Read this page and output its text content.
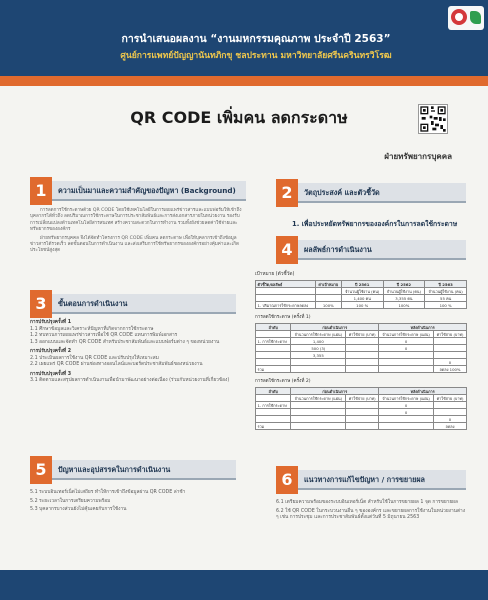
การนำเสนอผลงาน “งานมหกรรมคุณภาพ ประจำปี 2563”
ศูนย์การแพทย์ปัญญานันทภิกขุ ชลประทาน มหาวิทยาลัยศรีนครินทรวิโรฒ
QR CODE เพิ่มคน ลดกระดาษ
ฝ่ายทรัพยากรบุคคล
1	ความเป็นมาและความสำคัญของปัญหา (Background)

การลดการใช้กระดาษด้วย QR CODE โดยใช้เทคโนโลยีในการเผยแพร่ข่าวสารและแบบฟอร์มให้เข้าถึงบุคลากรได้ทั่วถึง ลดปริมาณการใช้กระดาษในการประชาสัมพันธ์และการส่งเอกสารภายในหน่วยงาน รองรับการเปลี่ยนแปลงด้านเทคโนโลยีสารสนเทศ สร้างความสะดวกในการทำงาน รวมทั้งยังช่วยลดค่าใช้จ่ายและทรัพยากรขององค์กร

ฝ่ายทรัพยากรบุคคล จึงได้จัดทำโครงการ QR CODE เพิ่มคน ลดกระดาษ เพื่อให้บุคลากรเข้าถึงข้อมูลข่าวสารได้รวดเร็ว ลดขั้นตอนในการดำเนินงาน และส่งเสริมการใช้ทรัพยากรขององค์กรอย่างคุ้มค่าและเกิดประโยชน์สูงสุด

2	วัตถุประสงค์ และตัวชี้วัด
1. เพื่อประหยัดทรัพยากรขององค์กรในการลดใช้กระดาษ
3	ขั้นตอนการดำเนินงาน
การปรับปรุงครั้งที่ 1
1.1 ศึกษาข้อมูลและวิเคราะห์ปัญหาที่เกิดจากการใช้กระดาษ
1.2 ทบทวนการเผยแพร่ข่าวสารเพื่อใช้ QR CODE แทนการพิมพ์เอกสาร
1.3 ออกแบบและจัดทำ QR CODE สำหรับประชาสัมพันธ์และแบบฟอร์มต่าง ๆ ของหน่วยงาน
การปรับปรุงครั้งที่ 2
2.1 ประเมินผลการใช้งาน QR CODE และปรับปรุงให้เหมาะสม
2.2 เผยแพร่ QR CODE ผ่านช่องทางออนไลน์และบอร์ดประชาสัมพันธ์ของหน่วยงาน
การปรับปรุงครั้งที่ 3
3.1 ติดตามและสรุปผลการดำเนินงานเพื่อนำมาพัฒนาอย่างต่อเนื่อง (ร่วมกับหน่วยงานที่เกี่ยวข้อง)
4	ผลลัพธ์การดำเนินงาน
เป้าหมาย (ตัวชี้วัด)
ตัวชี้วัด/ผลลัพธ์	ค่าเป้าหมาย	ปี 2561	ปี 2562	ปี 2563
		จำนวนผู้ใช้งาน (คน)	จำนวนผู้ใช้งาน (คน)	จำนวนผู้ใช้งาน (คน)
		1,400 คน	3,355 คน	55 คน
1. ปริมาณการใช้กระดาษลดลง	100%	100 %	100%	100 %
การลดใช้กระดาษ (ครั้งที่ 1)
ลำดับ	ก่อนดำเนินการ		หลังดำเนินการ	
	จำนวนการใช้กระดาษ (แผ่น)	ค่าใช้จ่าย (บาท)	จำนวนการใช้กระดาษ (แผ่น)	ค่าใช้จ่าย (บาท)
1. การใช้กระดาษ	1,400		0	
	500 (3)		0	
	3,355			
				0
รวม				ลดลง 100%
การลดใช้กระดาษ (ครั้งที่ 2)
ลำดับ	ก่อนดำเนินการ		หลังดำเนินการ	
	จำนวนการใช้กระดาษ (แผ่น)	ค่าใช้จ่าย (บาท)	จำนวนการใช้กระดาษ (แผ่น)	ค่าใช้จ่าย (บาท)
1. การใช้กระดาษ			0	
			0	
				0
รวม				ลดลง
5	ปัญหาและอุปสรรคในการดำเนินงาน
5.1 ระบบอินเทอร์เน็ตไม่เสถียร ทำให้การเข้าถึงข้อมูลผ่าน QR CODE ล่าช้า
5.2 ระยะเวลาในการเตรียมความพร้อม
5.3 บุคลากรบางส่วนยังไม่คุ้นเคยกับการใช้งาน
6	แนวทางการแก้ไขปัญหา / การขยายผล
6.1 เตรียมความพร้อมของระบบอินเทอร์เน็ต สำหรับใช้ในการขยายผล 1 จุด การขยายผล
6.2 ใช้ QR CODE ในกระบวนงานอื่น ๆ ขององค์กร และขยายผลการใช้งานในหน่วยงานต่าง ๆ เช่น การประชุม และการประชาสัมพันธ์ตั้งแต่วันที่ 5 มิถุนายน 2563
